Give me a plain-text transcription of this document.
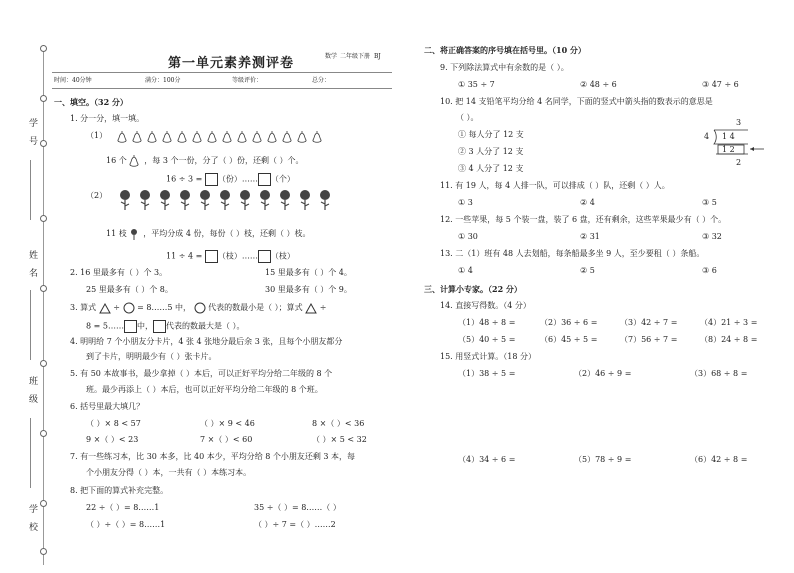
学 号
姓 名
班 级
学 校
第一单元素养测评卷	数学 二年级下册 BJ
时间：40分钟	满分：100分	等级评价：	总分：
一、填空。（32 分）
1. 分一分，填一填。
（1）
16 个 ，每 3 个一份，分了（ ）份，还剩（ ）个。
16 ÷ 3 = （份）…… （个）
（2）
11 枝 ，平均分成 4 份，每份（ ）枝，还剩（ ）枝。
11 ÷ 4 = （枝）…… （枝）
2. 16 里最多有（ ）个 3。	15 里最多有（ ）个 4。
25 里最多有（ ）个 8。	30 里最多有（ ）个 9。
3. 算式 ÷ = 8……5 中， 代表的数最小是（ ）；算式 ÷
8 = 5…… 中， 代表的数最大是（ ）。
4. 明明给 7 个小朋友分卡片，4 张 4 张地分最后余 3 张，且每个小朋友都分
到了卡片，明明最少有（ ）张卡片。
5. 有 50 本故事书，最少拿掉（ ）本后，可以正好平均分给二年级的 8 个
班。最少再添上（ ）本后，也可以正好平均分给二年级的 8 个班。
6. 括号里最大填几？
（ ）× 8 < 57	（ ）× 9 < 46	8 ×（ ）< 36
9 ×（ ）< 23	7 ×（ ）< 60	（ ）× 5 < 32
7. 有一些练习本，比 30 本多，比 40 本少，平均分给 8 个小朋友还剩 3 本，每
个小朋友分得（ ）本，一共有（ ）本练习本。
8. 把下面的算式补充完整。
22 ÷（ ）= 8……1	35 ÷（ ）= 8……（ ）
（ ）÷（ ）= 8……1	（ ）÷ 7 =（ ）……2
二、将正确答案的序号填在括号里。（10 分）
9. 下列除法算式中有余数的是（ ）。
① 35 ÷ 7	② 48 ÷ 6	③ 47 ÷ 6
10. 把 14 支铅笔平均分给 4 名同学，下面的竖式中箭头指的数表示的意思是
（ ）。
① 每人分了 12 支
② 3 人分了 12 支
③ 4 人分了 12 支
3
4 1 4
1 2
2
11. 有 19 人，每 4 人排一队，可以排成（ ）队，还剩（ ）人。
① 3	② 4	③ 5
12. 一些苹果，每 5 个装一盘，装了 6 盘，还有剩余，这些苹果最少有（ ）个。
① 30	② 31	③ 32
13. 二（1）班有 48 人去划船，每条船最多坐 9 人，至少要租（ ）条船。
① 4	② 5	③ 6
三、计算小专家。（22 分）
14. 直接写得数。（4 分）
（1）48 ÷ 8 =	（2）36 ÷ 6 =	（3）42 ÷ 7 =	（4）21 ÷ 3 =
（5）40 ÷ 5 =	（6）45 ÷ 5 =	（7）56 ÷ 7 =	（8）24 ÷ 8 =
15. 用竖式计算。（18 分）
（1）38 ÷ 5 =	（2）46 ÷ 9 =	（3）68 ÷ 8 =
（4）34 ÷ 6 =	（5）78 ÷ 9 =	（6）42 ÷ 8 =
